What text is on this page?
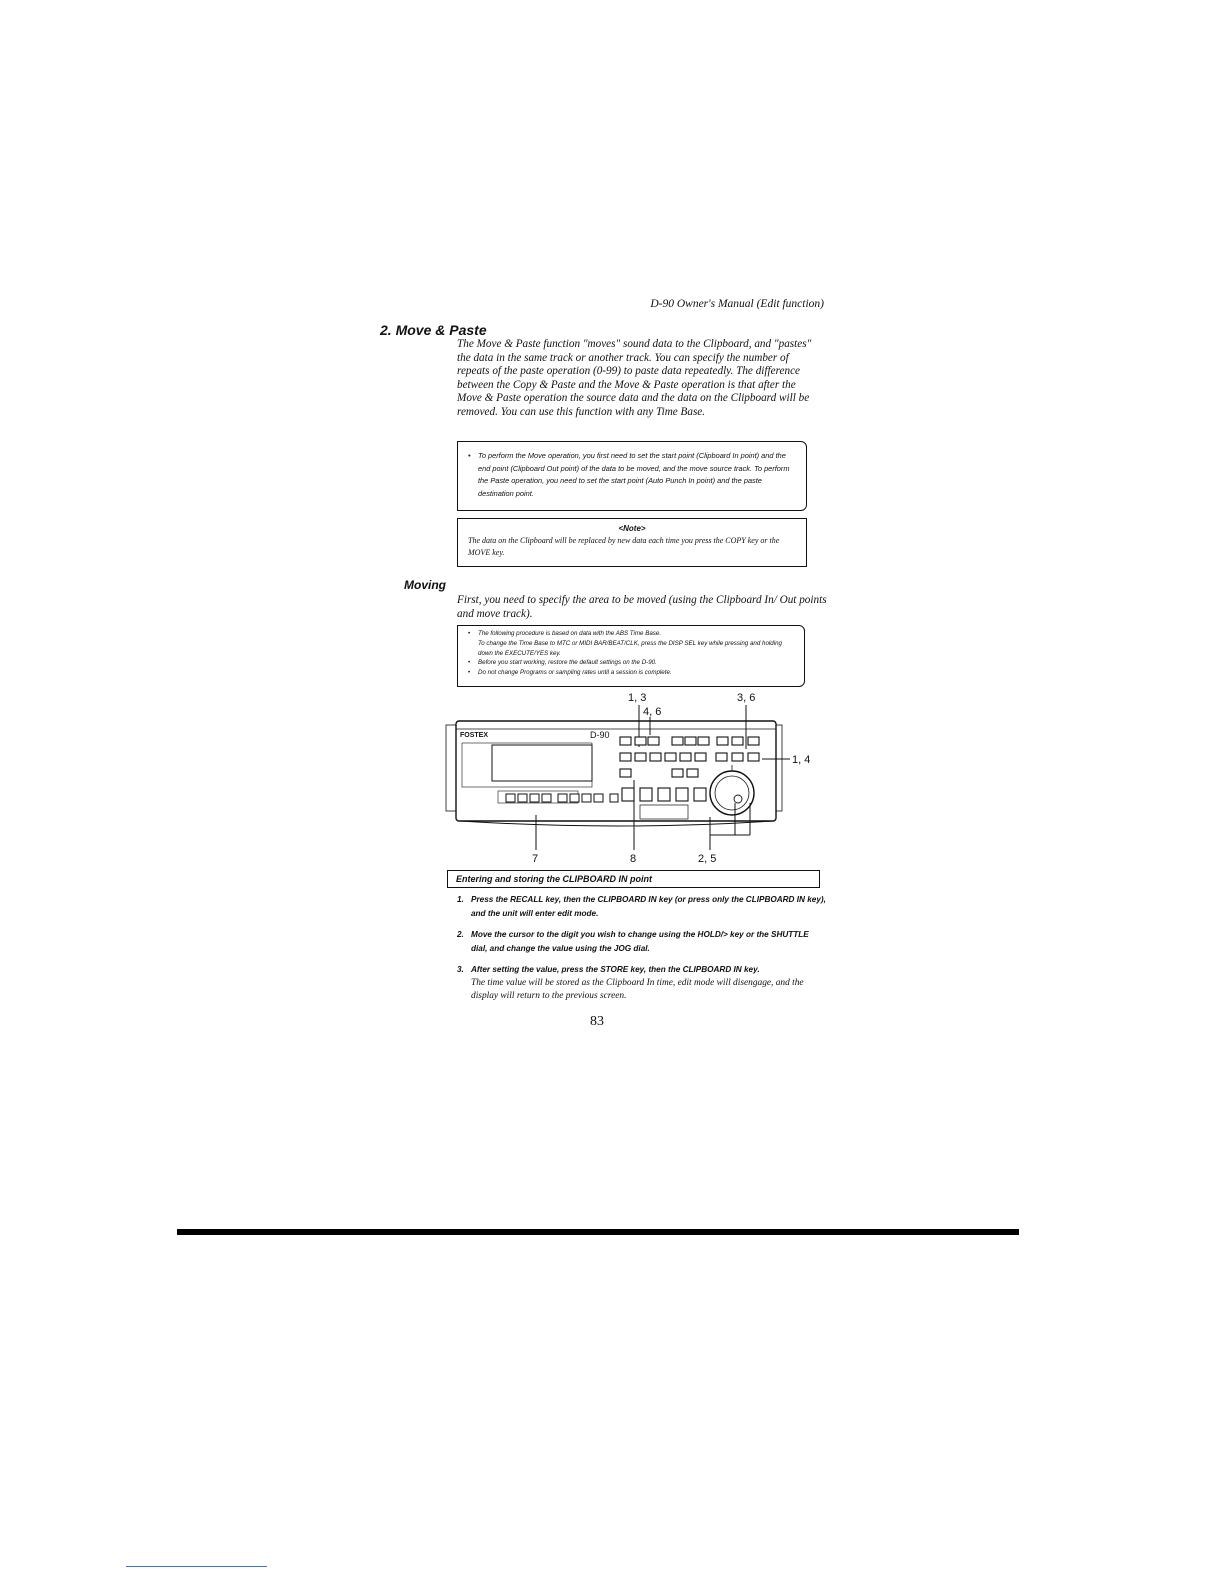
D-90 Owner's Manual (Edit function)
2. Move & Paste
The Move & Paste function "moves" sound data to the Clipboard, and "pastes" the data in the same track or another track. You can specify the number of repeats of the paste operation (0-99) to paste data repeatedly. The difference between the Copy & Paste and the Move & Paste operation is that after the Move & Paste operation the source data and the data on the Clipboard will be removed. You can use this function with any Time Base.
•	To perform the Move operation, you first need to set the start point (Clipboard In point) and the end point (Clipboard Out point) of the data to be moved, and the move source track. To perform the Paste operation, you need to set the start point (Auto Punch In point) and the paste destination point.
<Note>
The data on the Clipboard will be replaced by new data each time you press the COPY key or the MOVE key.
Moving
First, you need to specify the area to be moved (using the Clipboard In/ Out points and move track).
•	The following procedure is based on data with the ABS Time Base.
To change the Time Base to MTC or MIDI BAR/BEAT/CLK, press the DISP SEL key while pressing and holding down the EXECUTE/YES key.
•	Before you start working, restore the default settings on the D-90.
•	Do not change Programs or sampling rates until a session is complete.
1, 3
4, 6
3, 6
1, 4
7	8	2, 5
FOSTEX	D-90
Entering and storing the CLIPBOARD IN point
1. Press the RECALL key, then the CLIPBOARD IN key (or press only the CLIPBOARD IN key), and the unit will enter edit mode.
2. Move the cursor to the digit you wish to change using the HOLD/> key or the SHUTTLE dial, and change the value using the JOG dial.
3. After setting the value, press the STORE key, then the CLIPBOARD IN key.
The time value will be stored as the Clipboard In time, edit mode will disengage, and the display will return to the previous screen.
83
